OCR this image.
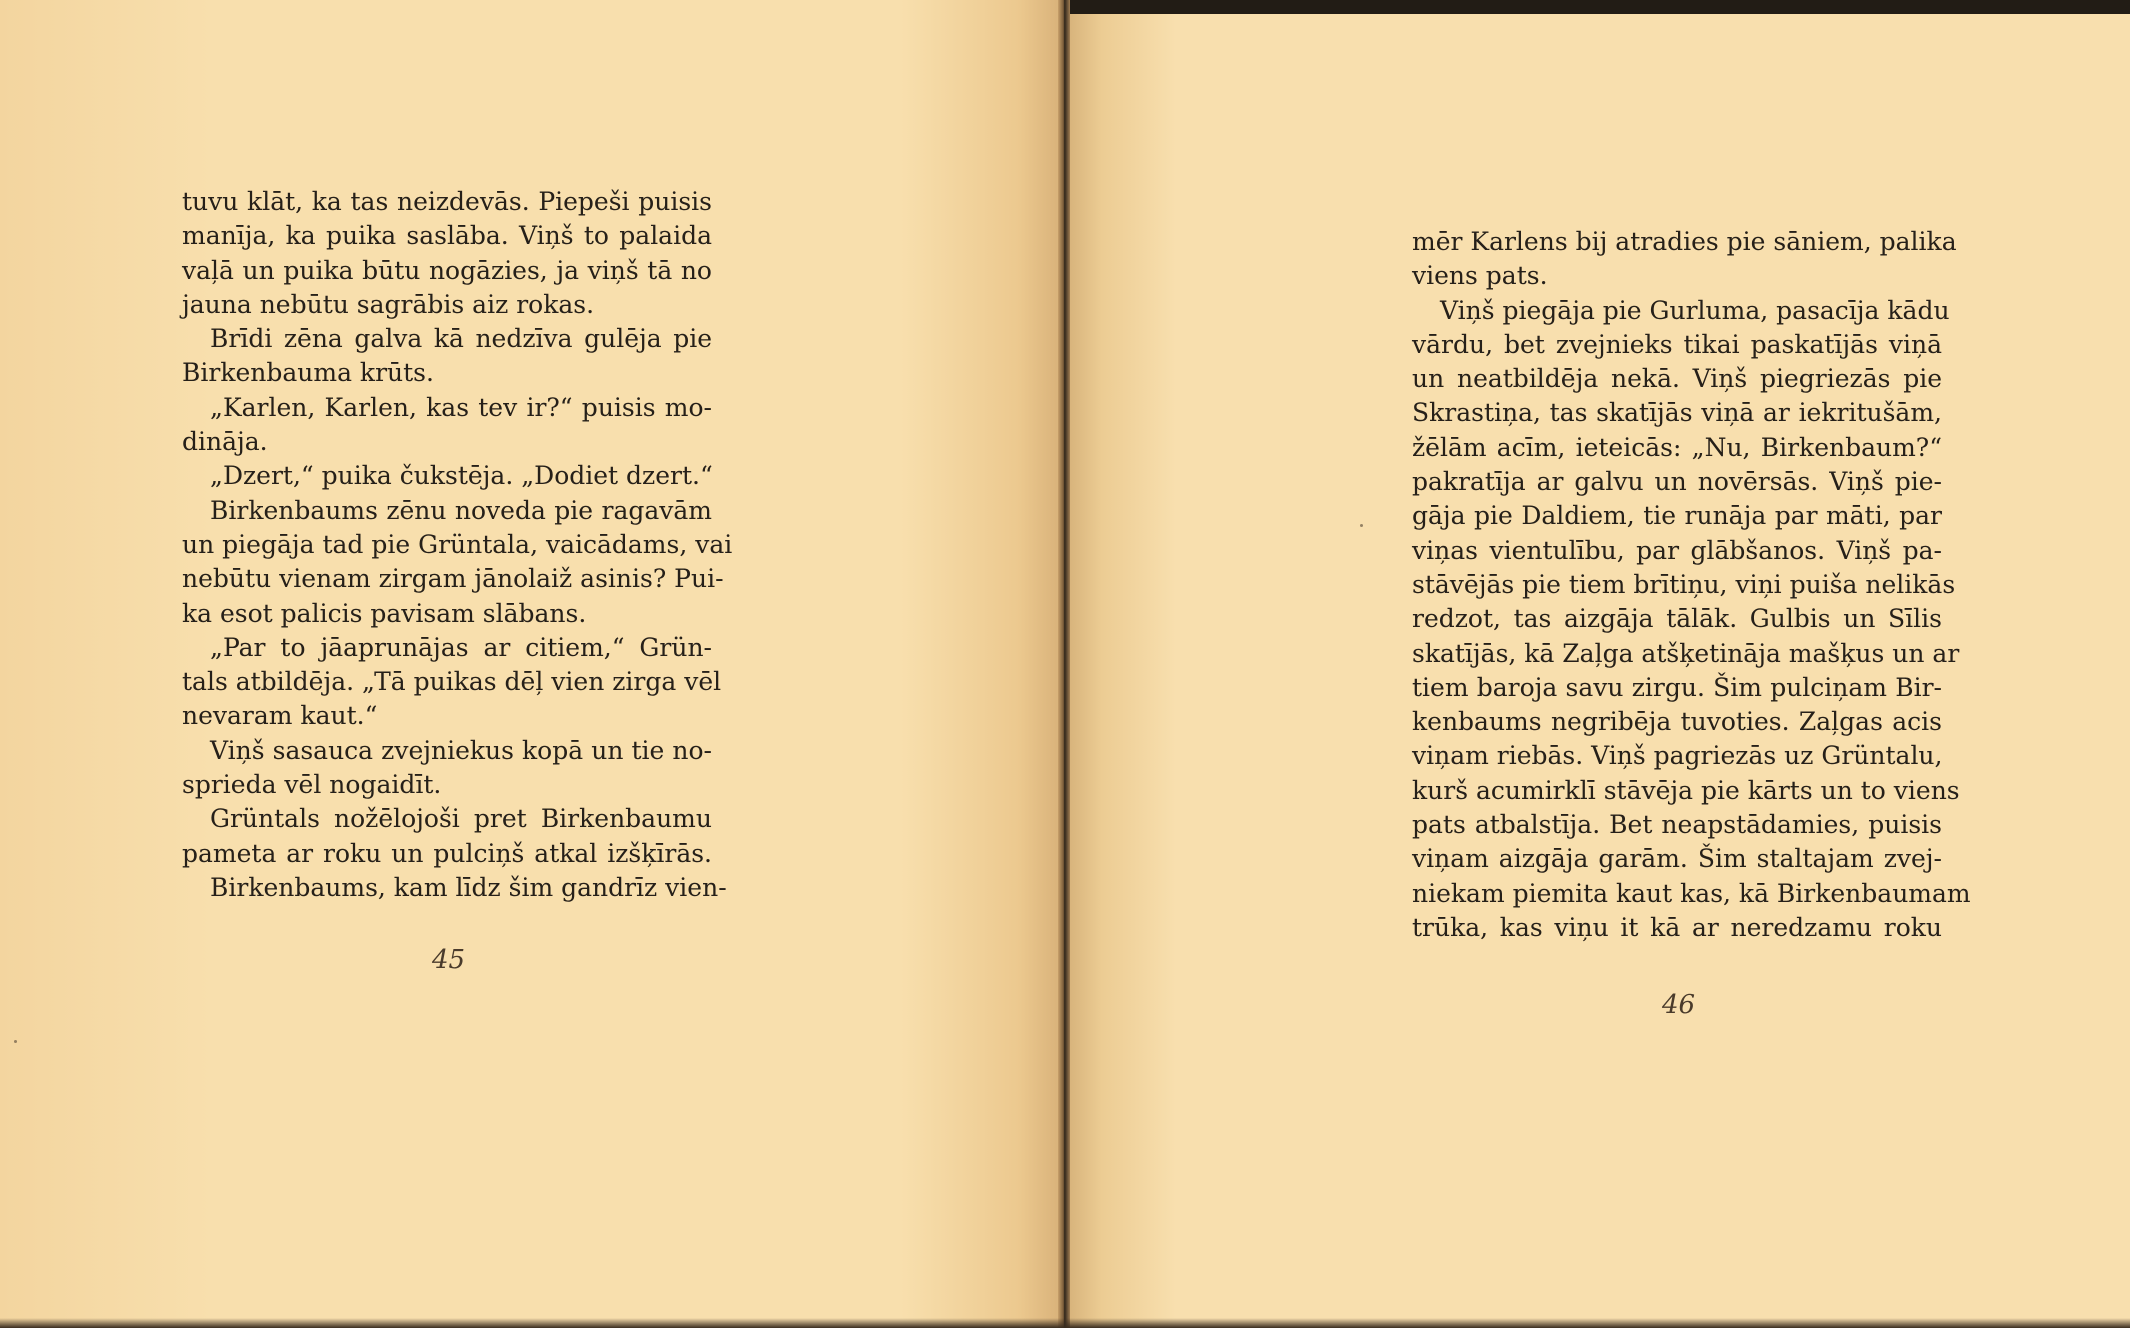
tuvu klāt, ka tas neizdevās. Piepeši puisis
manīja, ka puika saslāba. Viņš to palaida
vaļā un puika būtu nogāzies, ja viņš tā no
jauna nebūtu sagrābis aiz rokas.
Brīdi zēna galva kā nedzīva gulēja pie
Birkenbauma krūts.
„Karlen, Karlen, kas tev ir?“ puisis mo-
dināja.
„Dzert,“ puika čukstēja. „Dodiet dzert.“
Birkenbaums zēnu noveda pie ragavām
un piegāja tad pie Grüntala, vaicādams, vai
nebūtu vienam zirgam jānolaiž asinis? Pui-
ka esot palicis pavisam slābans.
„Par to jāaprunājas ar citiem,“ Grün-
tals atbildēja. „Tā puikas dēļ vien zirga vēl
nevaram kaut.“
Viņš sasauca zvejniekus kopā un tie no-
sprieda vēl nogaidīt.
Grüntals nožēlojoši pret Birkenbaumu
pameta ar roku un pulciņš atkal izšķīrās.
Birkenbaums, kam līdz šim gandrīz vien-
45
mēr Karlens bij atradies pie sāniem, palika
viens pats.
Viņš piegāja pie Gurluma, pasacīja kādu
vārdu, bet zvejnieks tikai paskatījās viņā
un neatbildēja nekā. Viņš piegriezās pie
Skrastiņa, tas skatījās viņā ar iekritušām,
žēlām acīm, ieteicās: „Nu, Birkenbaum?“
pakratīja ar galvu un novērsās. Viņš pie-
gāja pie Daldiem, tie runāja par māti, par
viņas vientulību, par glābšanos. Viņš pa-
stāvējās pie tiem brītiņu, viņi puiša nelikās
redzot, tas aizgāja tālāk. Gulbis un Sīlis
skatījās, kā Zaļga atšķetināja mašķus un ar
tiem baroja savu zirgu. Šim pulciņam Bir-
kenbaums negribēja tuvoties. Zaļgas acis
viņam riebās. Viņš pagriezās uz Grüntalu,
kurš acumirklī stāvēja pie kārts un to viens
pats atbalstīja. Bet neapstādamies, puisis
viņam aizgāja garām. Šim staltajam zvej-
niekam piemita kaut kas, kā Birkenbaumam
trūka, kas viņu it kā ar neredzamu roku
46
